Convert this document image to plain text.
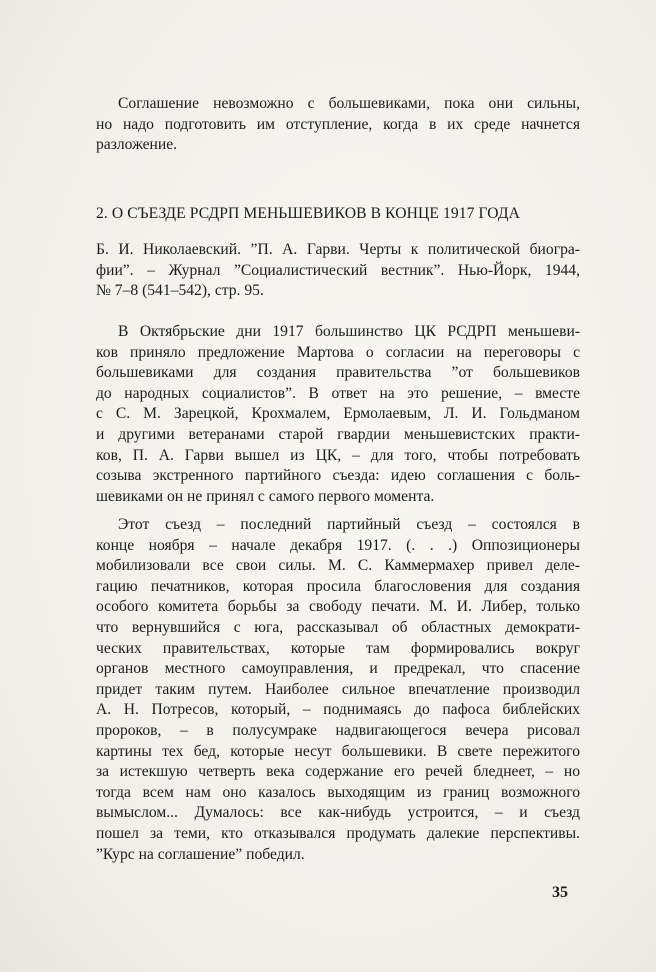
Соглашение невозможно с большевиками, пока они сильны,
но надо подготовить им отступление, когда в их среде начнется
разложение.

2. О СЪЕЗДЕ РСДРП МЕНЬШЕВИКОВ В КОНЦЕ 1917 ГОДА

Б. И. Николаевский. ”П. А. Гарви. Черты к политической биогра-
фии”. – Журнал ”Социалистический вестник”. Нью-Йорк, 1944,
№ 7–8 (541–542), стр. 95.

В Октябрьские дни 1917 большинство ЦК РСДРП меньшеви-
ков приняло предложение Мартова о согласии на переговоры с
большевиками для создания правительства ”от большевиков
до народных социалистов”. В ответ на это решение, – вместе
с С. М. Зарецкой, Крохмалем, Ермолаевым, Л. И. Гольдманом
и другими ветеранами старой гвардии меньшевистских практи-
ков, П. А. Гарви вышел из ЦК, – для того, чтобы потребовать
созыва экстренного партийного съезда: идею соглашения с боль-
шевиками он не принял с самого первого момента.

Этот съезд – последний партийный съезд – состоялся в
конце ноября – начале декабря 1917. (. . .) Оппозиционеры
мобилизовали все свои силы. М. С. Каммермахер привел деле-
гацию печатников, которая просила благословения для создания
особого комитета борьбы за свободу печати. М. И. Либер, только
что вернувшийся с юга, рассказывал об областных демократи-
ческих правительствах, которые там формировались вокруг
органов местного самоуправления, и предрекал, что спасение
придет таким путем. Наиболее сильное впечатление производил
А. Н. Потресов, который, – поднимаясь до пафоса библейских
пророков, – в полусумраке надвигающегося вечера рисовал
картины тех бед, которые несут большевики. В свете пережитого
за истекшую четверть века содержание его речей бледнеет, – но
тогда всем нам оно казалось выходящим из границ возможного
вымыслом... Думалось: все как-нибудь устроится, – и съезд
пошел за теми, кто отказывался продумать далекие перспективы.
”Курс на соглашение” победил.

35
